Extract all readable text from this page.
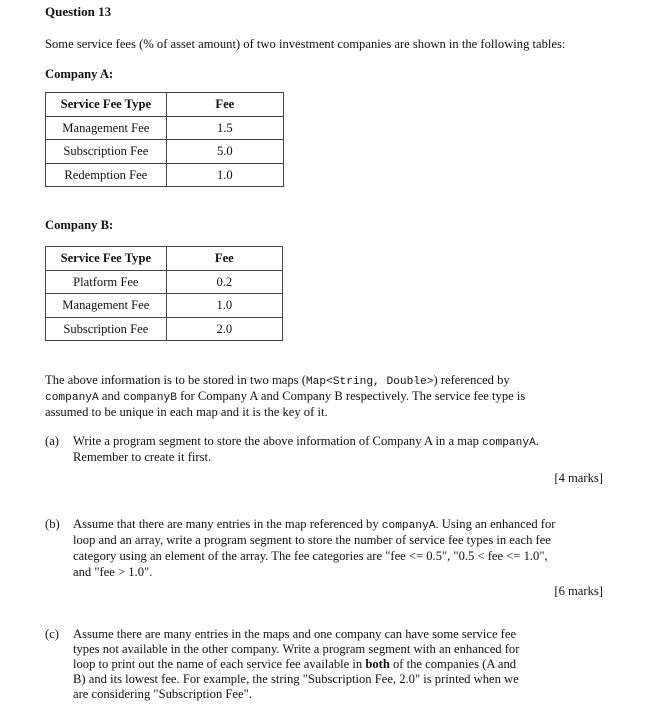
Question 13
Some service fees (% of asset amount) of two investment companies are shown in the following tables:
Company A:
Service Fee Type	Fee
Management Fee	1.5
Subscription Fee	5.0
Redemption Fee	1.0
Company B:
Service Fee Type	Fee
Platform Fee	0.2
Management Fee	1.0
Subscription Fee	2.0
The above information is to be stored in two maps (Map<String, Double>) referenced by
companyA and companyB for Company A and Company B respectively. The service fee type is
assumed to be unique in each map and it is the key of it.
(a) Write a program segment to store the above information of Company A in a map companyA.
Remember to create it first.
[4 marks]
(b) Assume that there are many entries in the map referenced by companyA. Using an enhanced for
loop and an array, write a program segment to store the number of service fee types in each fee
category using an element of the array. The fee categories are "fee <= 0.5", "0.5 < fee <= 1.0",
and "fee > 1.0".
[6 marks]
(c) Assume there are many entries in the maps and one company can have some service fee
types not available in the other company. Write a program segment with an enhanced for
loop to print out the name of each service fee available in both of the companies (A and
B) and its lowest fee. For example, the string "Subscription Fee, 2.0" is printed when we
are considering "Subscription Fee".
